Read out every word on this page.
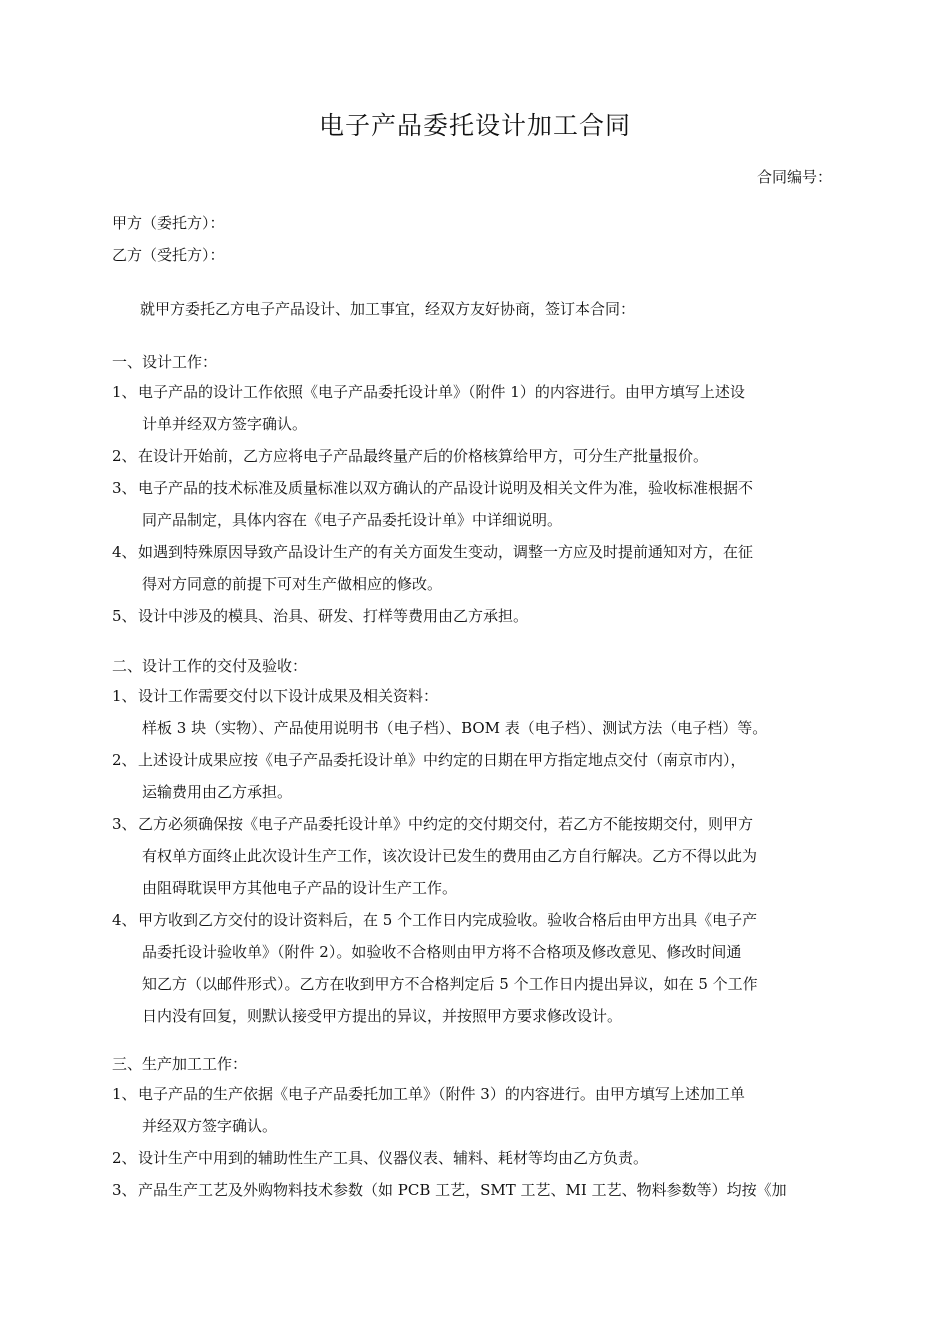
电子产品委托设计加工合同
合同编号：
甲方（委托方）：
乙方（受托方）：
就甲方委托乙方电子产品设计、加工事宜，经双方友好协商，签订本合同：
一、设计工作：
1、 电子产品的设计工作依照《电子产品委托设计单》（附件 1）的内容进行。由甲方填写上述设
计单并经双方签字确认。
2、 在设计开始前，乙方应将电子产品最终量产后的价格核算给甲方，可分生产批量报价。
3、 电子产品的技术标准及质量标准以双方确认的产品设计说明及相关文件为准，验收标准根据不
同产品制定，具体内容在《电子产品委托设计单》中详细说明。
4、 如遇到特殊原因导致产品设计生产的有关方面发生变动，调整一方应及时提前通知对方，在征
得对方同意的前提下可对生产做相应的修改。
5、 设计中涉及的模具、治具、研发、打样等费用由乙方承担。
二、设计工作的交付及验收：
1、 设计工作需要交付以下设计成果及相关资料：
样板 3 块（实物）、产品使用说明书（电子档）、BOM 表（电子档）、测试方法（电子档）等。
2、 上述设计成果应按《电子产品委托设计单》中约定的日期在甲方指定地点交付（南京市内），
运输费用由乙方承担。
3、 乙方必须确保按《电子产品委托设计单》中约定的交付期交付，若乙方不能按期交付，则甲方
有权单方面终止此次设计生产工作，该次设计已发生的费用由乙方自行解决。乙方不得以此为
由阻碍耽误甲方其他电子产品的设计生产工作。
4、 甲方收到乙方交付的设计资料后，在 5 个工作日内完成验收。验收合格后由甲方出具《电子产
品委托设计验收单》（附件 2）。如验收不合格则由甲方将不合格项及修改意见、修改时间通
知乙方（以邮件形式）。乙方在收到甲方不合格判定后 5 个工作日内提出异议，如在 5 个工作
日内没有回复，则默认接受甲方提出的异议，并按照甲方要求修改设计。
三、生产加工工作：
1、 电子产品的生产依据《电子产品委托加工单》（附件 3）的内容进行。由甲方填写上述加工单
并经双方签字确认。
2、 设计生产中用到的辅助性生产工具、仪器仪表、辅料、耗材等均由乙方负责。
3、 产品生产工艺及外购物料技术参数（如 PCB 工艺，SMT 工艺、MI 工艺、物料参数等）均按《加
